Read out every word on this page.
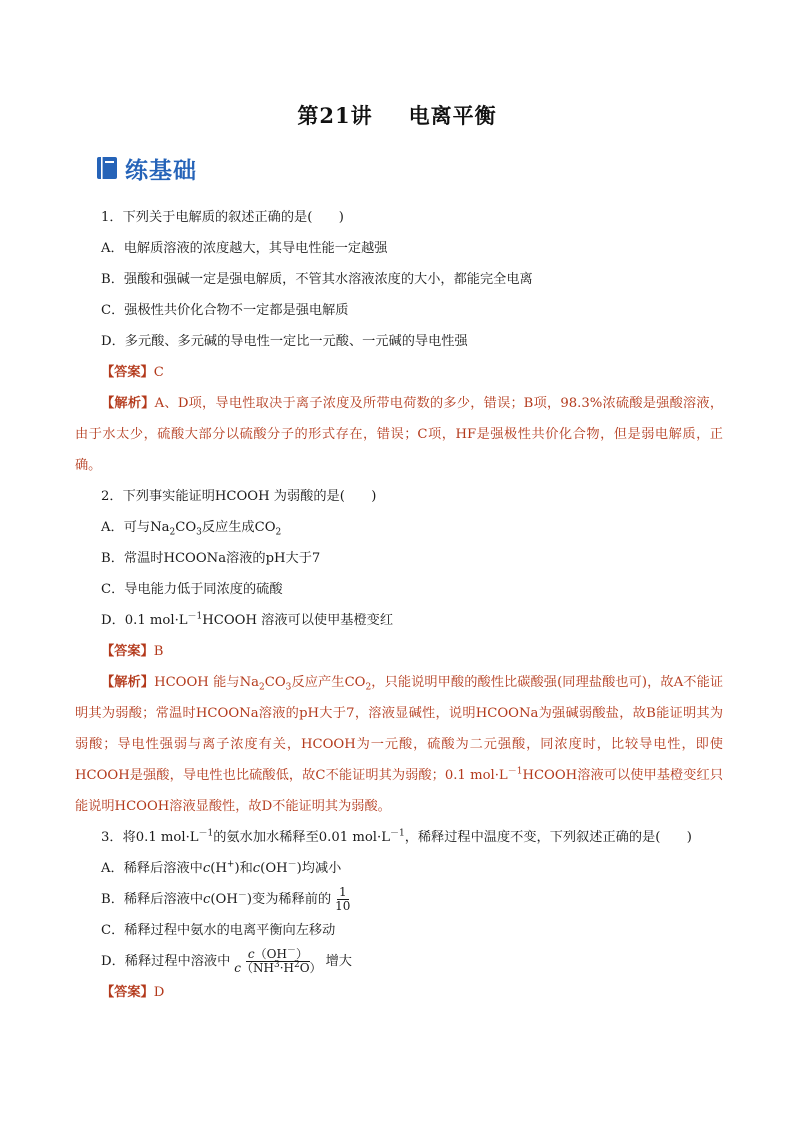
第21讲 电离平衡
练基础

1．下列关于电解质的叙述正确的是(　　)

A．电解质溶液的浓度越大，其导电性能一定越强

B．强酸和强碱一定是强电解质，不管其水溶液浓度的大小，都能完全电离

C．强极性共价化合物不一定都是强电解质

D．多元酸、多元碱的导电性一定比一元酸、一元碱的导电性强

【答案】C

【解析】A、D项，导电性取决于离子浓度及所带电荷数的多少，错误；B项，98.3%浓硫酸是强酸溶液，由于水太少，硫酸大部分以硫酸分子的形式存在，错误；C项，HF是强极性共价化合物，但是弱电解质，正确。

2．下列事实能证明HCOOH 为弱酸的是(　　)

A．可与$Na_2CO_3$反应生成$CO_2$

B．常温时HCOONa溶液的pH大于7

C．导电能力低于同浓度的硫酸

D．0.1 $mol\cdot L^{-1}HCOOH$ 溶液可以使甲基橙变红

【答案】B

【解析】HCOOH 能与$Na_2CO_3$反应产生$CO_2$，只能说明甲酸的酸性比碳酸强(同理盐酸也可)，故A不能证明其为弱酸；常温时HCOONa溶液的pH大于7，溶液显碱性，说明HCOONa为强碱弱酸盐，故B能证明其为弱酸；导电性强弱与离子浓度有关，HCOOH为一元酸，硫酸为二元强酸，同浓度时，比较导电性，即使HCOOH是强酸，导电性也比硫酸低，故C不能证明其为弱酸；0.1 $mol\cdot L^{-1}HCOOH$溶液可以使甲基橙变红只能说明HCOOH溶液显酸性，故D不能证明其为弱酸。

3．将0.1 $mol\cdot L^{-1}$的氨水加水稀释至0.01 $mol\cdot L^{-1}$，稀释过程中温度不变，下列叙述正确的是(　　)

A．稀释后溶液中c(H+)和c(OH－)均减小

B．稀释后溶液中c(OH－)变为稀释前的 $\frac{1}{10}$

C．稀释过程中氨水的电离平衡向左移动

D．稀释过程中溶液中 $\frac{c(OH^-)}{c(NH^3\cdot H^2O)}$ 增大

【答案】D
